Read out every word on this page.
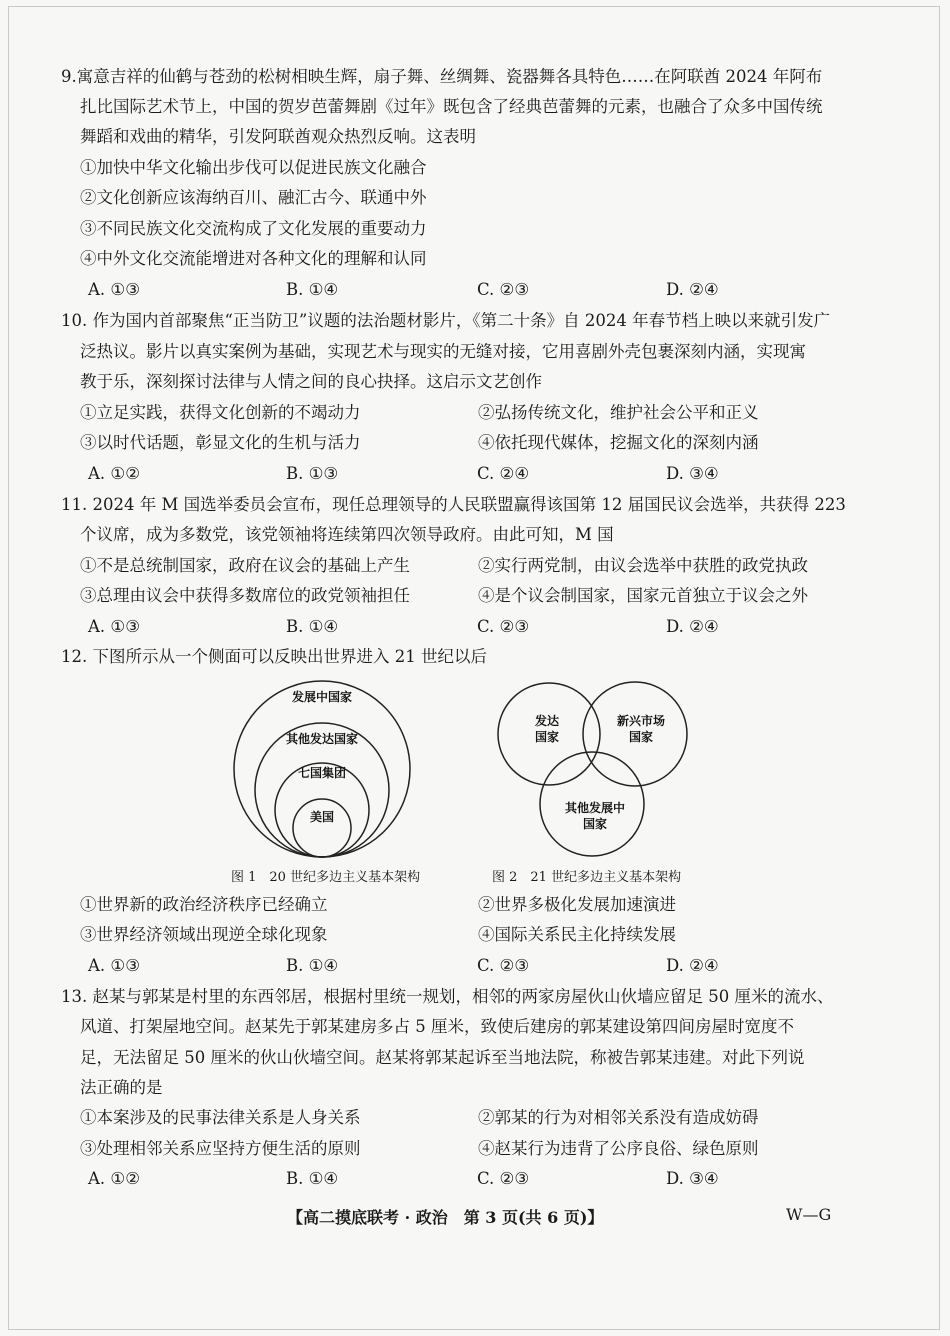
9.寓意吉祥的仙鹤与苍劲的松树相映生辉，扇子舞、丝绸舞、瓷器舞各具特色……在阿联酋 2024 年阿布
扎比国际艺术节上，中国的贺岁芭蕾舞剧《过年》既包含了经典芭蕾舞的元素，也融合了众多中国传统
舞蹈和戏曲的精华，引发阿联酋观众热烈反响。这表明
①加快中华文化输出步伐可以促进民族文化融合
②文化创新应该海纳百川、融汇古今、联通中外
③不同民族文化交流构成了文化发展的重要动力
④中外文化交流能增进对各种文化的理解和认同
A. ①③	B. ①④	C. ②③	D. ②④
10. 作为国内首部聚焦“正当防卫”议题的法治题材影片，《第二十条》自 2024 年春节档上映以来就引发广
泛热议。影片以真实案例为基础，实现艺术与现实的无缝对接，它用喜剧外壳包裹深刻内涵，实现寓
教于乐，深刻探讨法律与人情之间的良心抉择。这启示文艺创作
①立足实践，获得文化创新的不竭动力	②弘扬传统文化，维护社会公平和正义
③以时代话题，彰显文化的生机与活力	④依托现代媒体，挖掘文化的深刻内涵
A. ①②	B. ①③	C. ②④	D. ③④
11. 2024 年 M 国选举委员会宣布，现任总理领导的人民联盟赢得该国第 12 届国民议会选举，共获得 223
个议席，成为多数党，该党领袖将连续第四次领导政府。由此可知，M 国
①不是总统制国家，政府在议会的基础上产生	②实行两党制，由议会选举中获胜的政党执政
③总理由议会中获得多数席位的政党领袖担任	④是个议会制国家，国家元首独立于议会之外
A. ①③	B. ①④	C. ②③	D. ②④
12. 下图所示从一个侧面可以反映出世界进入 21 世纪以后
发展中国家
其他发达国家
七国集团
美国
图 1　20 世纪多边主义基本架构
发达
国家
新兴市场
国家
其他发展中
国家
图 2　21 世纪多边主义基本架构
①世界新的政治经济秩序已经确立	②世界多极化发展加速演进
③世界经济领域出现逆全球化现象	④国际关系民主化持续发展
A. ①③	B. ①④	C. ②③	D. ②④
13. 赵某与郭某是村里的东西邻居，根据村里统一规划，相邻的两家房屋伙山伙墙应留足 50 厘米的流水、
风道、打架屋地空间。赵某先于郭某建房多占 5 厘米，致使后建房的郭某建设第四间房屋时宽度不
足，无法留足 50 厘米的伙山伙墙空间。赵某将郭某起诉至当地法院，称被告郭某违建。对此下列说
法正确的是
①本案涉及的民事法律关系是人身关系	②郭某的行为对相邻关系没有造成妨碍
③处理相邻关系应坚持方便生活的原则	④赵某行为违背了公序良俗、绿色原则
A. ①②	B. ①④	C. ②③	D. ③④
【高二摸底联考 · 政治　第 3 页(共 6 页)】	W—G
